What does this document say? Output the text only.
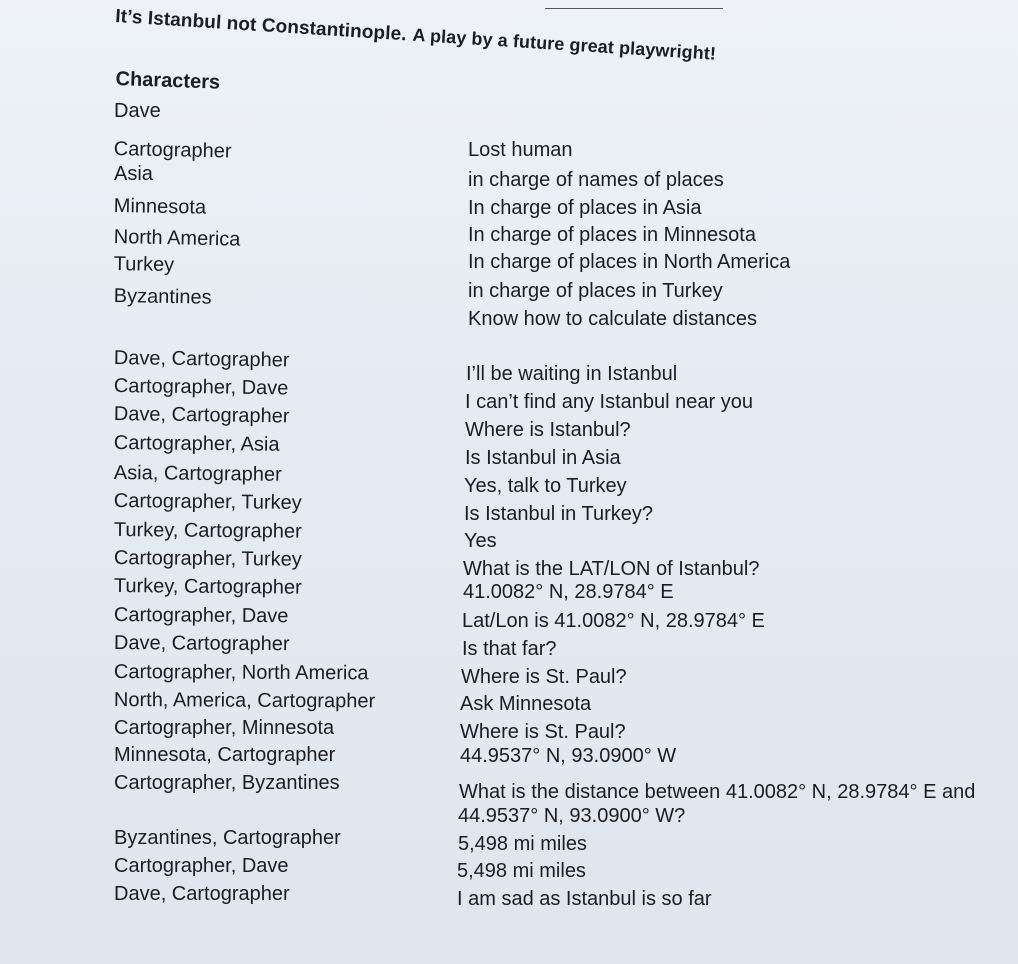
It’s Istanbul not Constantinople. A play by a future great playwright!
Characters
Dave
Cartographer
Asia
Minnesota
North America
Turkey
Byzantines
Lost human
in charge of names of places
In charge of places in Asia
In charge of places in Minnesota
In charge of places in North America
in charge of places in Turkey
Know how to calculate distances
Dave, Cartographer
Cartographer, Dave
Dave, Cartographer
Cartographer, Asia
Asia, Cartographer
Cartographer, Turkey
Turkey, Cartographer
Cartographer, Turkey
Turkey, Cartographer
Cartographer, Dave
Dave, Cartographer
Cartographer, North America
North, America, Cartographer
Cartographer, Minnesota
Minnesota, Cartographer
Cartographer, Byzantines
Byzantines, Cartographer
Cartographer, Dave
Dave, Cartographer
I’ll be waiting in Istanbul
I can’t find any Istanbul near you
Where is Istanbul?
Is Istanbul in Asia
Yes, talk to Turkey
Is Istanbul in Turkey?
Yes
What is the LAT/LON of Istanbul?
41.0082° N, 28.9784° E
Lat/Lon is 41.0082° N, 28.9784° E
Is that far?
Where is St. Paul?
Ask Minnesota
Where is St. Paul?
44.9537° N, 93.0900° W
What is the distance between 41.0082° N, 28.9784° E and
44.9537° N, 93.0900° W?
5,498 mi miles
5,498 mi miles
I am sad as Istanbul is so far
